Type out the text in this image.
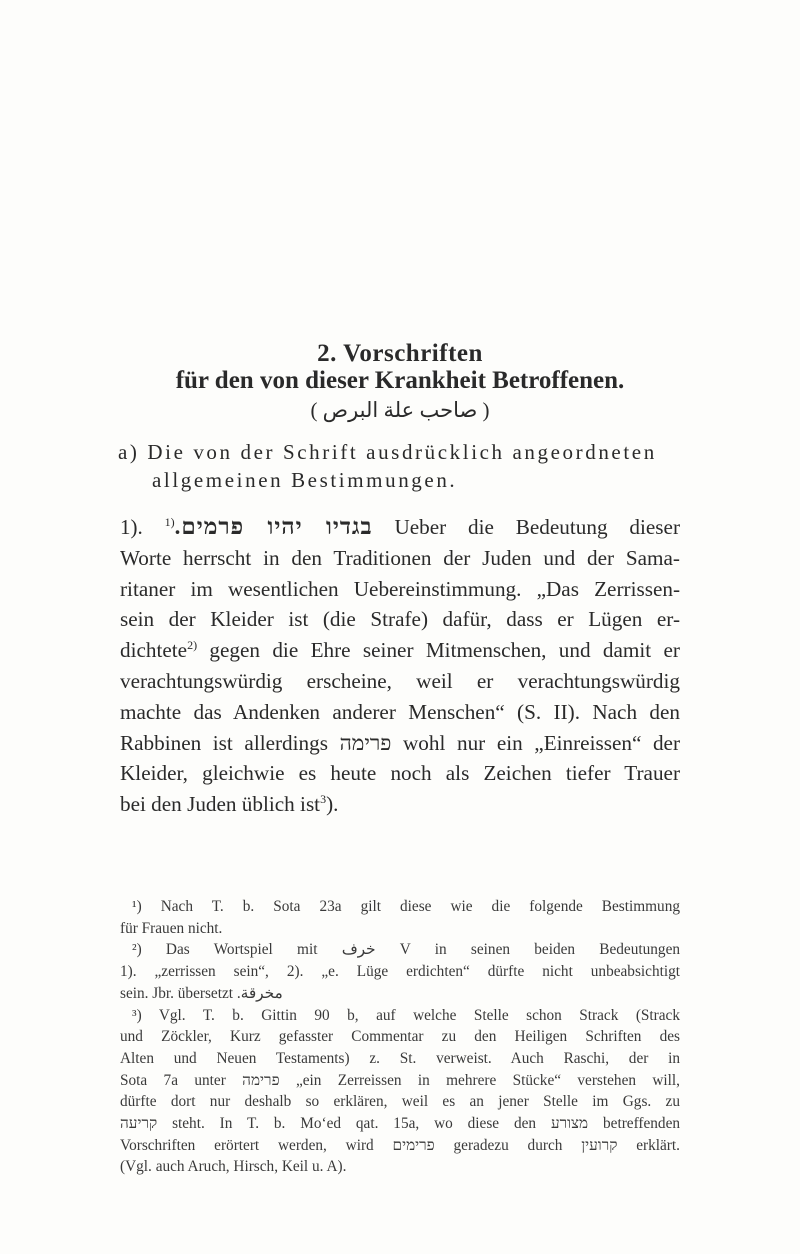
2. Vorschriften
für den von dieser Krankheit Betroffenen.
( صاحب علة البرص )
a) Die von der Schrift ausdrücklich angeordneten
allgemeinen Bestimmungen.
1). $^{1)}$בגדיו יהיו פרמים. Ueber die Bedeutung dieser
Worte herrscht in den Traditionen der Juden und der Sama-
ritaner im wesentlichen Uebereinstimmung. „Das Zerrissen-
sein der Kleider ist (die Strafe) dafür, dass er Lügen er-
dichtete$^{2)}$ gegen die Ehre seiner Mitmenschen, und damit er
verachtungswürdig erscheine, weil er verachtungswürdig
machte das Andenken anderer Menschen“ (S. II). Nach den
Rabbinen ist allerdings פרימה wohl nur ein „Einreissen“ der
Kleider, gleichwie es heute noch als Zeichen tiefer Trauer
bei den Juden üblich ist$^3$).
¹) Nach T. b. Sota 23a gilt diese wie die folgende Bestimmung
für Frauen nicht.
²) Das Wortspiel mit خرف V in seinen beiden Bedeutungen
1). „zerrissen sein“, 2). „e. Lüge erdichten“ dürfte nicht unbeabsichtigt
sein. Jbr. übersetzt مخرقة.
³) Vgl. T. b. Gittin 90 b, auf welche Stelle schon Strack (Strack
und Zöckler, Kurz gefasster Commentar zu den Heiligen Schriften des
Alten und Neuen Testaments) z. St. verweist. Auch Raschi, der in
Sota 7a unter פרימה „ein Zerreissen in mehrere Stücke“ verstehen will,
dürfte dort nur deshalb so erklären, weil es an jener Stelle im Ggs. zu
קריעה steht. In T. b. Mo‘ed qat. 15a, wo diese den מצורע betreffenden
Vorschriften erörtert werden, wird פרימים geradezu durch קרועין erklärt.
(Vgl. auch Aruch, Hirsch, Keil u. A).
